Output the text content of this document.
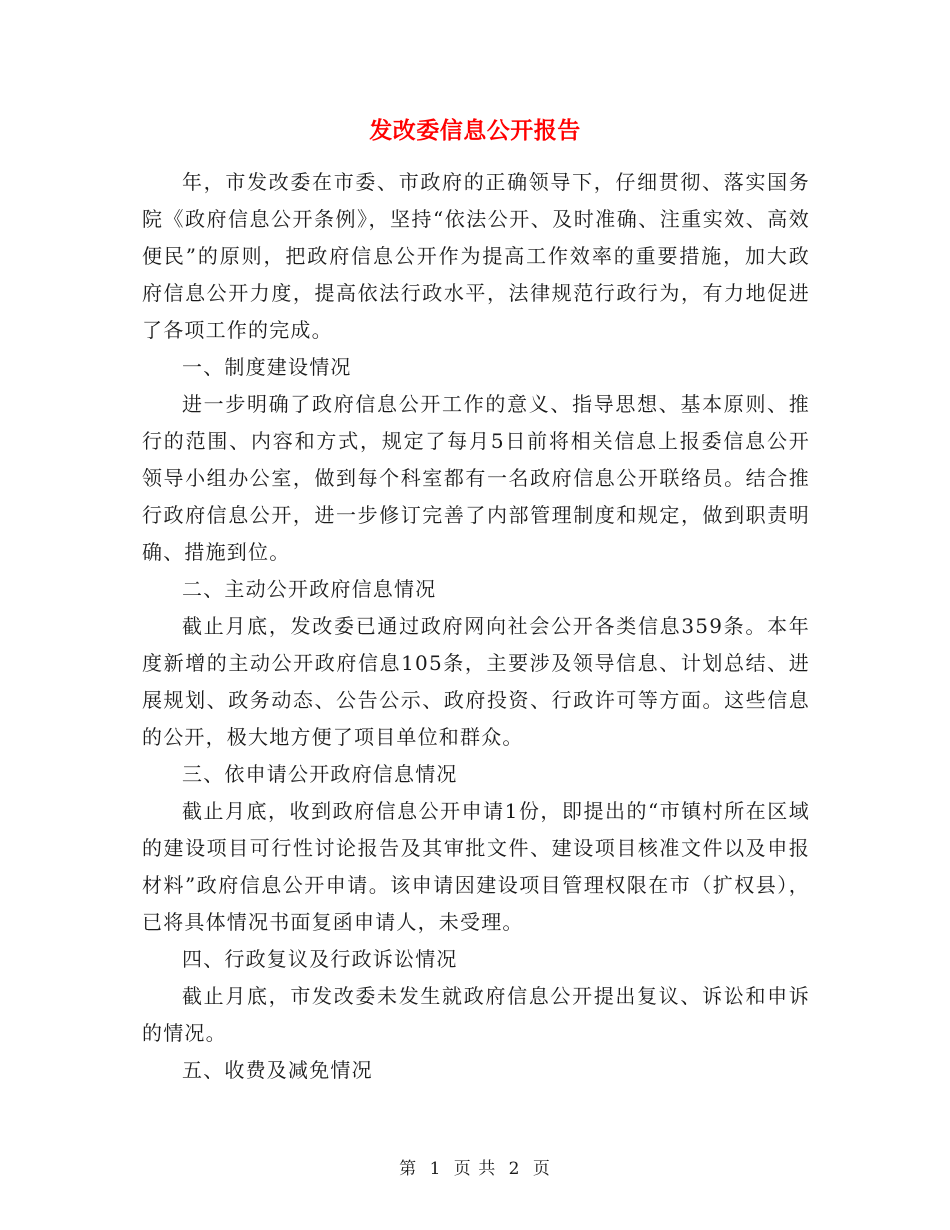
发改委信息公开报告

年，市发改委在市委、市政府的正确领导下，仔细贯彻、落实国务院《政府信息公开条例》，坚持“依法公开、及时准确、注重实效、高效便民”的原则，把政府信息公开作为提高工作效率的重要措施，加大政府信息公开力度，提高依法行政水平，法律规范行政行为，有力地促进了各项工作的完成。

一、制度建设情况

进一步明确了政府信息公开工作的意义、指导思想、基本原则、推行的范围、内容和方式，规定了每月5日前将相关信息上报委信息公开领导小组办公室，做到每个科室都有一名政府信息公开联络员。结合推行政府信息公开，进一步修订完善了内部管理制度和规定，做到职责明确、措施到位。

二、主动公开政府信息情况

截止月底，发改委已通过政府网向社会公开各类信息359条。本年度新增的主动公开政府信息105条，主要涉及领导信息、计划总结、进展规划、政务动态、公告公示、政府投资、行政许可等方面。这些信息的公开，极大地方便了项目单位和群众。

三、依申请公开政府信息情况

截止月底，收到政府信息公开申请1份，即提出的“市镇村所在区域的建设项目可行性讨论报告及其审批文件、建设项目核准文件以及申报材料”政府信息公开申请。该申请因建设项目管理权限在市（扩权县），已将具体情况书面复函申请人，未受理。

四、行政复议及行政诉讼情况

截止月底，市发改委未发生就政府信息公开提出复议、诉讼和申诉的情况。

五、收费及减免情况

第 1 页 共 2 页
